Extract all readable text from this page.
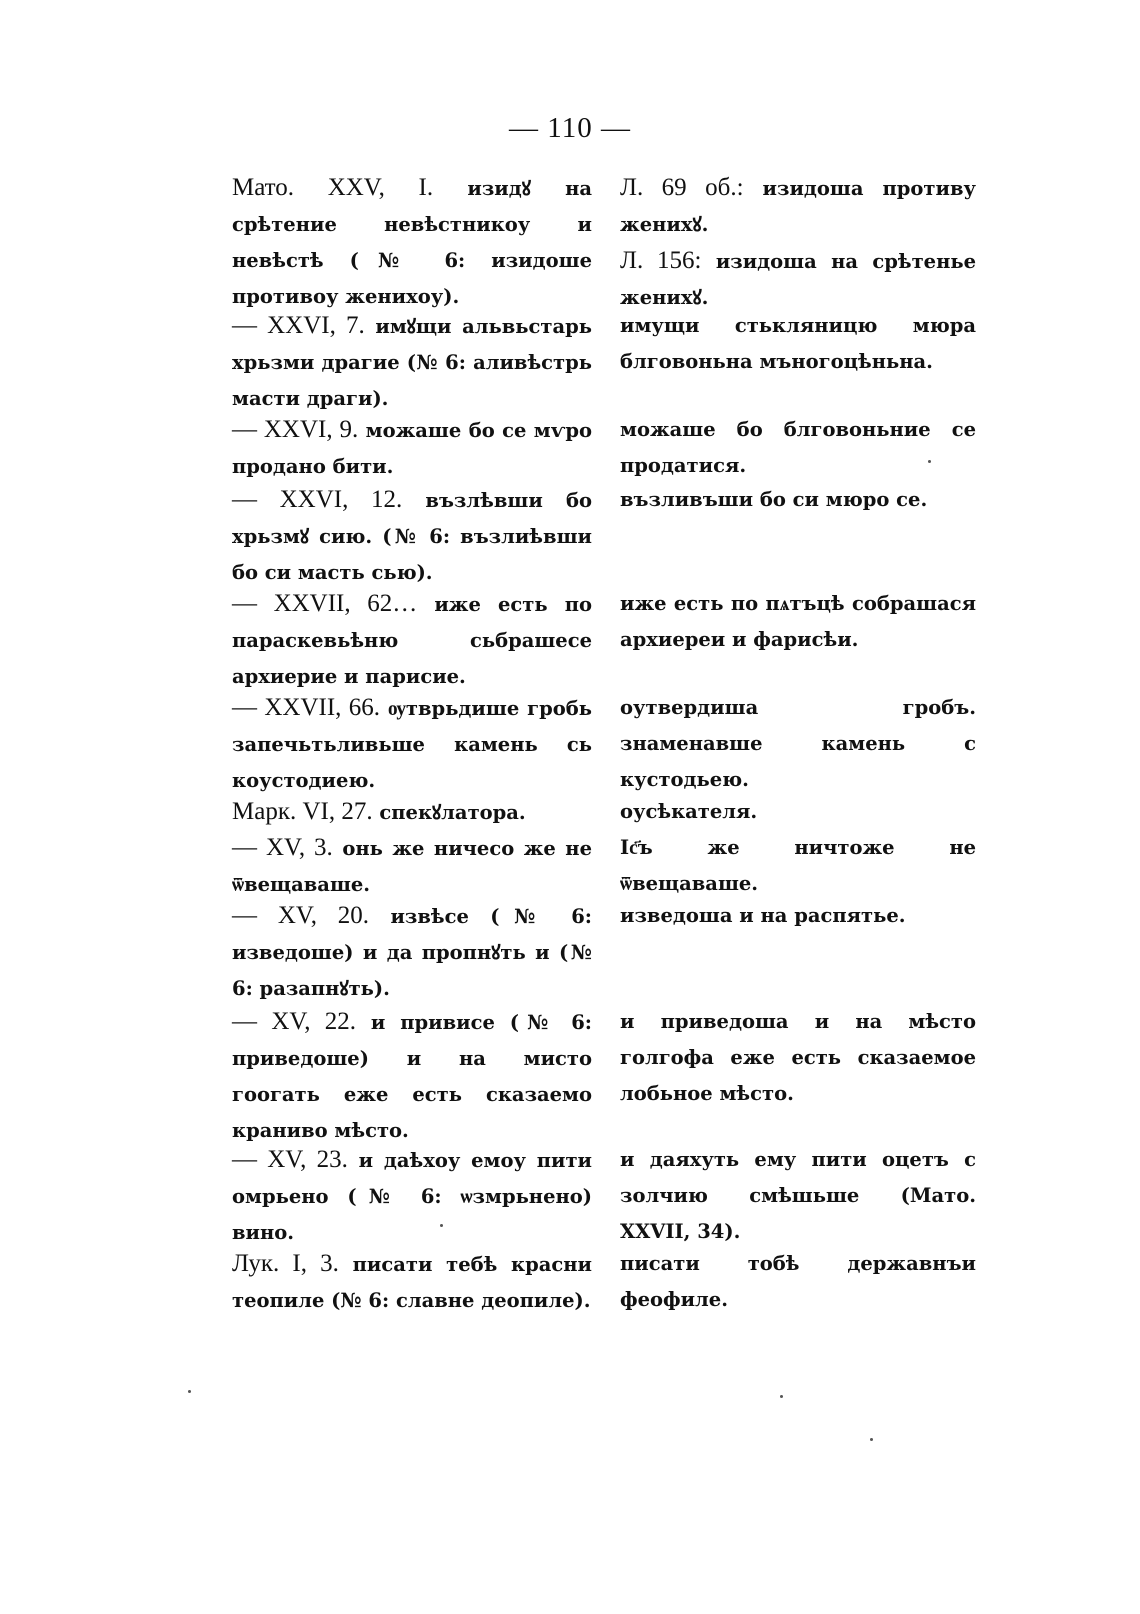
— 110 —
Мато. XXV, I. изидꙋ на срѣтение невѣстникоу и невѣстѣ (№ 6: изидоше противоу женихоу).
Л. 69 об.: изидоша противу женихꙋ.
Л. 156: изидоша на срѣтенье женихꙋ.
— XXVI, 7. имꙋщи альвьстарь хрьзми драгие (№ 6: аливѣстрь масти драги).
имущи стькляницю мюра блговоньна мъногоцѣньна.
— XXVI, 9. можаше бо се мѵро продано бити.
можаше бо блговоньние се продатися.
— XXVI, 12. възлѣвши бо хрьзмꙋ сию. (№ 6: възлиѣвши бо си масть сью).
възливъши бо си мюро се.
— XXVII, 62… иже есть по параскевьѣню сьбрашесе архиерие и парисие.
иже есть по пѧтъцѣ собрашася архиереи и фарисѣи.
— XXVII, 66. ѹтврьдише гробь запечьтьливьше камень сь коустодиею.
оутвердиша гробъ. знаменавше камень с кустодьею.
Марк. VI, 27. спекꙋлатора.	оусѣкателя.
— XV, 3. онь же ничесо же не ѿвещаваше.
Іс҃ъ же ничтоже не ѿвещаваше.
— XV, 20. извѣсе (№ 6: изведоше) и да пропнꙋть и (№ 6: разапнꙋть).
изведоша и на распятье.
— XV, 22. и привисе (№ 6: приведоше) и на мисто гоогать еже есть сказаемо краниво мѣсто.
и приведоша и на мѣсто голгофа еже есть сказаемое лобьное мѣсто.
— XV, 23. и даѣхоу емоу пити омрьено (№ 6: ѡзмрьнено) вино.
и даяхуть ему пити оцетъ с золчию смѣшьше (Мато. XXVII, 34).
Лук. I, 3. писати тебѣ красни теопиле (№ 6: славне деопиле).
писати тобѣ державнъи феофиле.
